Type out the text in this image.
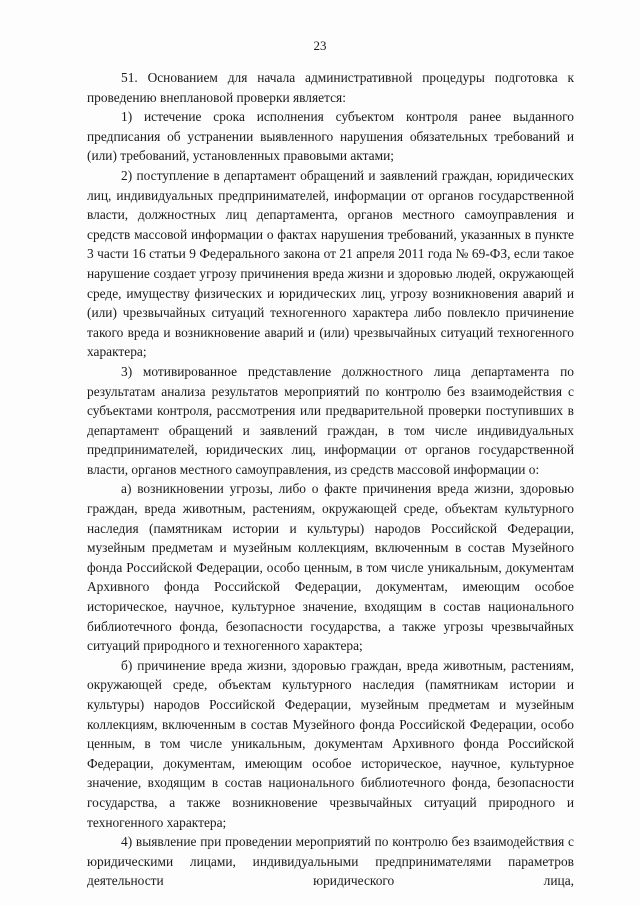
23

51. Основанием для начала административной процедуры подготовка к проведению внеплановой проверки является:

1) истечение срока исполнения субъектом контроля ранее выданного предписания об устранении выявленного нарушения обязательных требований и (или) требований, установленных правовыми актами;

2) поступление в департамент обращений и заявлений граждан, юридических лиц, индивидуальных предпринимателей, информации от органов государственной власти, должностных лиц департамента, органов местного самоуправления и средств массовой информации о фактах нарушения требований, указанных в пункте 3 части 16 статьи 9 Федерального закона от 21 апреля 2011 года № 69-ФЗ, если такое нарушение создает угрозу причинения вреда жизни и здоровью людей, окружающей среде, имуществу физических и юридических лиц, угрозу возникновения аварий и (или) чрезвычайных ситуаций техногенного характера либо повлекло причинение такого вреда и возникновение аварий и (или) чрезвычайных ситуаций техногенного характера;

3) мотивированное представление должностного лица департамента по результатам анализа результатов мероприятий по контролю без взаимодействия с субъектами контроля, рассмотрения или предварительной проверки поступивших в департамент обращений и заявлений граждан, в том числе индивидуальных предпринимателей, юридических лиц, информации от органов государственной власти, органов местного самоуправления, из средств массовой информации о:

а) возникновении угрозы, либо о факте причинения вреда жизни, здоровью граждан, вреда животным, растениям, окружающей среде, объектам культурного наследия (памятникам истории и культуры) народов Российской Федерации, музейным предметам и музейным коллекциям, включенным в состав Музейного фонда Российской Федерации, особо ценным, в том числе уникальным, документам Архивного фонда Российской Федерации, документам, имеющим особое историческое, научное, культурное значение, входящим в состав национального библиотечного фонда, безопасности государства, а также угрозы чрезвычайных ситуаций природного и техногенного характера;

б) причинение вреда жизни, здоровью граждан, вреда животным, растениям, окружающей среде, объектам культурного наследия (памятникам истории и культуры) народов Российской Федерации, музейным предметам и музейным коллекциям, включенным в состав Музейного фонда Российской Федерации, особо ценным, в том числе уникальным, документам Архивного фонда Российской Федерации, документам, имеющим особое историческое, научное, культурное значение, входящим в состав национального библиотечного фонда, безопасности государства, а также возникновение чрезвычайных ситуаций природного и техногенного характера;

4) выявление при проведении мероприятий по контролю без взаимодействия с юридическими лицами, индивидуальными предпринимателями параметров деятельности юридического лица,
